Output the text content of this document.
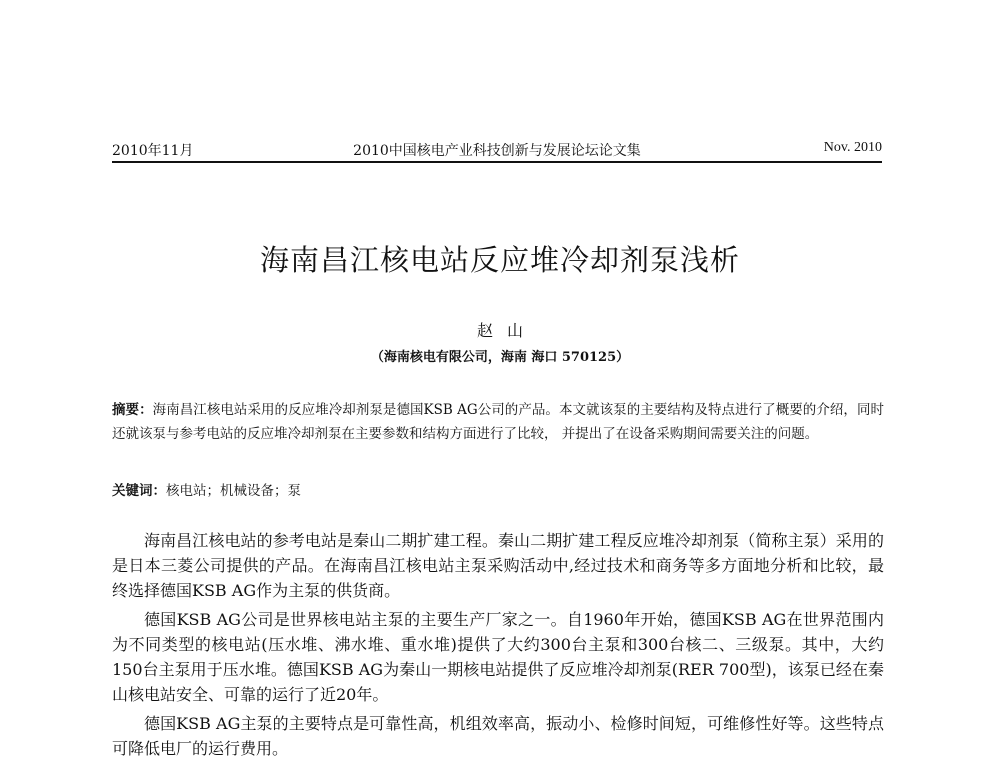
2010年11月	2010中国核电产业科技创新与发展论坛论文集	Nov. 2010
海南昌江核电站反应堆冷却剂泵浅析
赵山
（海南核电有限公司，海南 海口 570125）
摘要：海南昌江核电站采用的反应堆冷却剂泵是德国KSB AG公司的产品。本文就该泵的主要结构及特点进行了概要的介绍，同时还就该泵与参考电站的反应堆冷却剂泵在主要参数和结构方面进行了比较， 并提出了在设备采购期间需要关注的问题。
关键词：核电站；机械设备；泵

海南昌江核电站的参考电站是秦山二期扩建工程。秦山二期扩建工程反应堆冷却剂泵（简称主泵）采用的是日本三菱公司提供的产品。在海南昌江核电站主泵采购活动中,经过技术和商务等多方面地分析和比较，最终选择德国KSB AG作为主泵的供货商。

德国KSB AG公司是世界核电站主泵的主要生产厂家之一。自1960年开始，德国KSB AG在世界范围内为不同类型的核电站(压水堆、沸水堆、重水堆)提供了大约300台主泵和300台核二、三级泵。其中，大约150台主泵用于压水堆。德国KSB AG为秦山一期核电站提供了反应堆冷却剂泵(RER 700型)，该泵已经在秦山核电站安全、可靠的运行了近20年。

德国KSB AG主泵的主要特点是可靠性高，机组效率高，振动小、检修时间短，可维修性好等。这些特点可降低电厂的运行费用。
